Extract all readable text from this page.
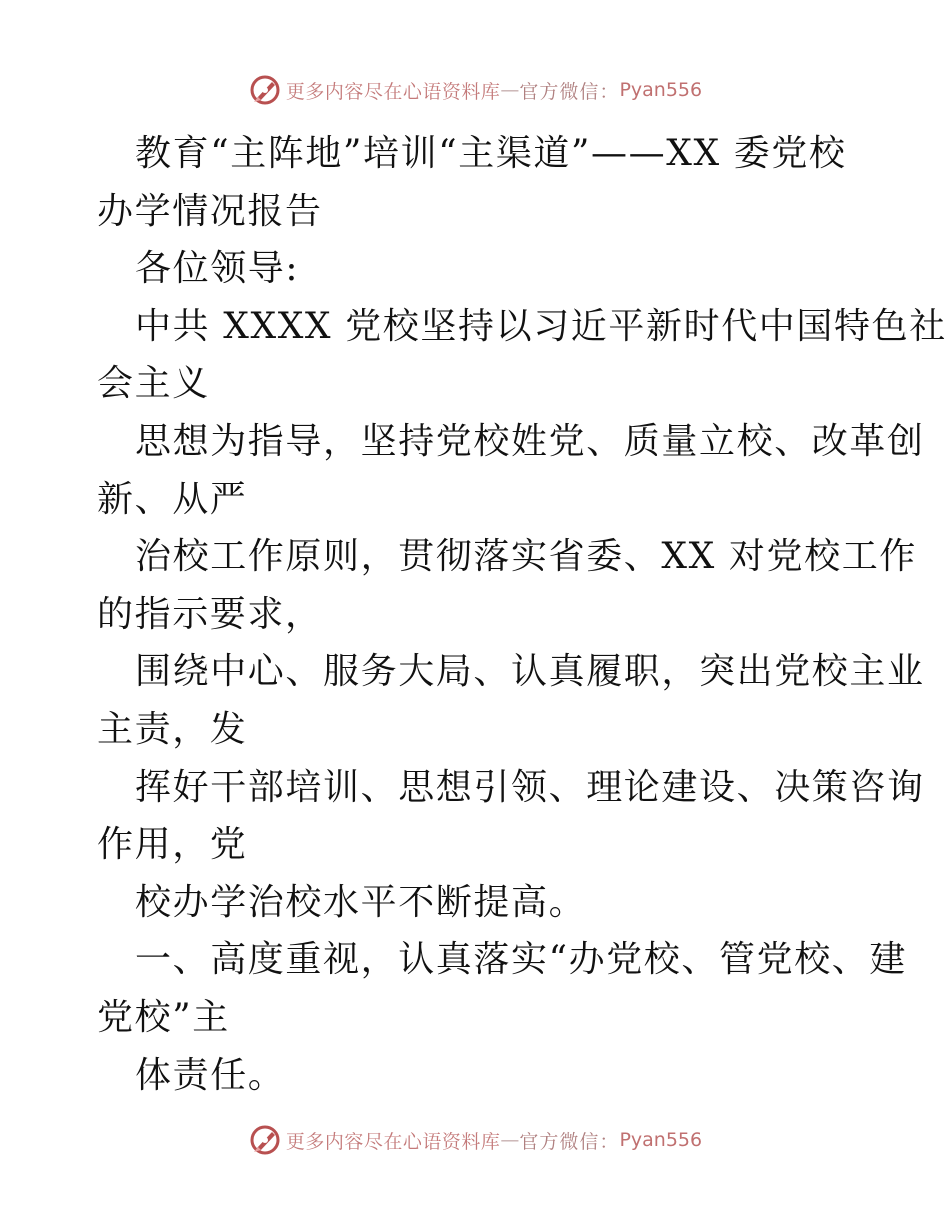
更多内容尽在心语资料库 — 官方微信： Pyan556
教育“主阵地”培训“主渠道”——XX 委党校
办学情况报告
各位领导:
中共 XXXX 党校坚持以习近平新时代中国特色社
会主义
思想为指导，坚持党校姓党、质量立校、改革创
新、从严
治校工作原则，贯彻落实省委、XX 对党校工作
的指示要求，
围绕中心、服务大局、认真履职，突出党校主业
主责，发
挥好干部培训、思想引领、理论建设、决策咨询
作用，党
校办学治校水平不断提高。
一、高度重视，认真落实“办党校、管党校、建
党校”主
体责任。
更多内容尽在心语资料库 — 官方微信： Pyan556
